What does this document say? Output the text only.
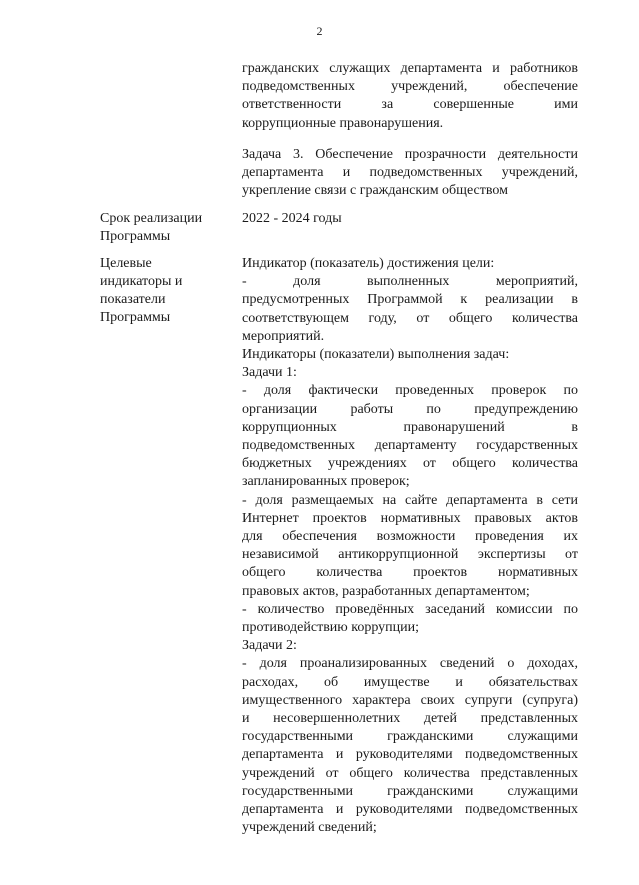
2
гражданских служащих департамента и работников
подведомственных учреждений, обеспечение
ответственности за совершенные ими
коррупционные правонарушения.
Задача 3. Обеспечение прозрачности деятельности
департамента и подведомственных учреждений,
укрепление связи с гражданским обществом
Срок реализации
Программы
2022 - 2024 годы
Целевые
индикаторы и
показатели
Программы
Индикатор (показатель) достижения цели:
- доля выполненных мероприятий,
предусмотренных Программой к реализации в
соответствующем году, от общего количества
мероприятий.
Индикаторы (показатели) выполнения задач:
Задачи 1:
- доля фактически проведенных проверок по
организации работы по предупреждению
коррупционных правонарушений в
подведомственных департаменту государственных
бюджетных учреждениях от общего количества
запланированных проверок;
- доля размещаемых на сайте департамента в сети
Интернет проектов нормативных правовых актов
для обеспечения возможности проведения их
независимой антикоррупционной экспертизы от
общего количества проектов нормативных
правовых актов, разработанных департаментом;
- количество проведённых заседаний комиссии по
противодействию коррупции;
Задачи 2:
- доля проанализированных сведений о доходах,
расходах, об имуществе и обязательствах
имущественного характера своих супруги (супруга)
и несовершеннолетних детей представленных
государственными гражданскими служащими
департамента и руководителями подведомственных
учреждений от общего количества представленных
государственными гражданскими служащими
департамента и руководителями подведомственных
учреждений сведений;
